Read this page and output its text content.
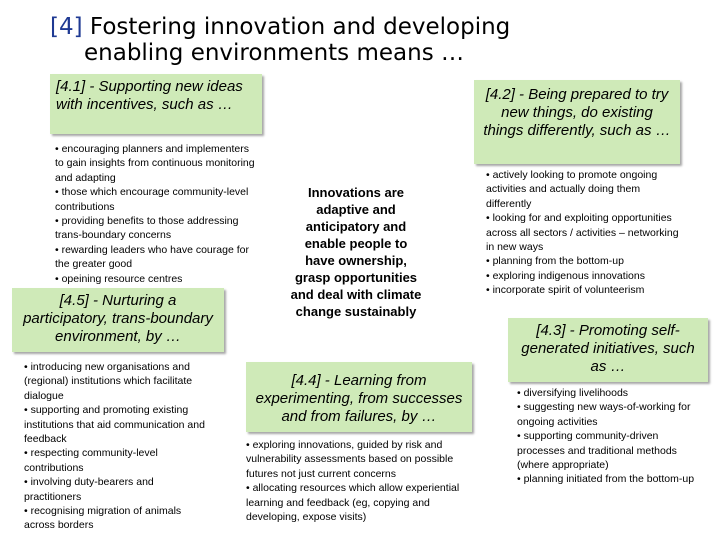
[4] Fostering innovation and developing
enabling environments means …
[4.1] - Supporting new ideas with incentives, such as …
• encouraging planners and implementers to gain insights from continuous monitoring and adapting
• those which encourage community-level contributions
• providing benefits to those addressing trans-boundary concerns
• rewarding leaders who have courage for the greater good
• opeining resource centres
[4.2] - Being prepared to try new things, do existing things differently, such as …
• actively looking to promote ongoing activities and actually doing them differently
• looking for and exploiting opportunities across all sectors / activities – networking in new ways
• planning from the bottom-up
• exploring indigenous innovations
• incorporate spirit of volunteerism
Innovations are adaptive and anticipatory and enable people to have ownership, grasp opportunities and deal with climate change sustainably
[4.5] - Nurturing a participatory, trans-boundary environment, by …
• introducing new organisations and (regional) institutions which facilitate dialogue
• supporting and promoting existing institutions that aid communication and feedback
• respecting community-level contributions
• involving duty-bearers and practitioners
• recognising migration of animals across borders
[4.4] - Learning from experimenting, from successes and from failures, by …
• exploring innovations, guided by risk and vulnerability assessments based on possible futures not just current concerns
• allocating resources which allow experiential learning and feedback (eg, copying and developing, expose visits)
[4.3] - Promoting self-generated initiatives, such as …
• diversifying livelihoods
• suggesting new ways-of-working for ongoing activities
• supporting community-driven processes and traditional methods (where appropriate)
• planning initiated from the bottom-up
